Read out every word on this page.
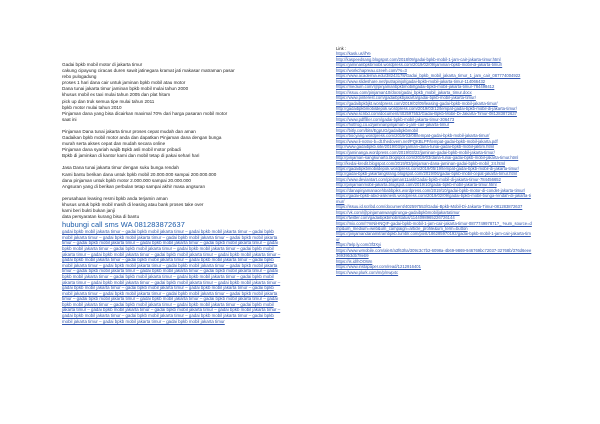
Gadai bpkb mobil motor di jakarta timur

cakung cipayung ciracas duren sawit jatinegara kramat jati makasar matraman pasar

rebo pulogadung

proses 1 hari dana cair untuk jaminan bpkb mobil atau motor

Dana tunai jakarta timur jaminan bpkb mobil mulai tahun 2000

khusus mobil ex taxi mulai tahun 2005 dan plat hitam

pick up dan truk semua tipe mulai tahun 2011

bpkb motor mulai tahun 2010

Pinjaman dana yang bisa dicairkan maximal 70% dari harga pasaran mobil motor

saat ini

Pinjaman Dana tunai jakarta timur proses cepat mudah dan aman

Gadaikan bpkb mobil motor anda dan dapatkan Pinjaman dana dengan bunga

murah serta akses cepat dan mudah secara online

Pinjaman dana syariah wajib Bpkb asli mobil motor pribadi

Bpkb di jaminkan di kantor kami dan mobil tetap di pakai sehari hari

Jasa Dana tunai jakarta timur dengan suku bunga rendah

Kami bantu berikan dana untuk bpkb mobil 20.000.000 sampai 200.000.000

dana pinjaman untuk bpkb motor 2.000.000 sampai 20.000.000

Angsuran yang di berikan perbulan tetap sampai akhir masa angsuran

perusahaan leasing resmi bpkb anda terjamin aman

khusus untuk bpkb mobil masih di leasing atau bank proses take over

kami beri bukti bukan janji

data persyaratan kurang bisa di bantu

hubungi call sms WA 081283872637

gadai bpkb mobil jakarta timur – gadai bpkb mobil jakarta timur – gadai bpkb mobil jakarta timur – gadai bpkb mobil jakarta timur – gadai bpkb mobil jakarta timur – gadai bpkb mobil jakarta timur – gadai bpkb mobil jakarta timur – gadai bpkb mobil jakarta timur – gadai bpkb mobil jakarta timur – gadai bpkb mobil jakarta timur – gadai bpkb mobil jakarta timur – gadai bpkb mobil jakarta timur – gadai bpkb mobil jakarta timur – gadai bpkb mobil jakarta timur – gadai bpkb mobil jakarta timur – gadai bpkb mobil jakarta timur – gadai bpkb mobil jakarta timur – gadai bpkb mobil jakarta timur – gadai bpkb mobil jakarta timur – gadai bpkb mobil jakarta timur – gadai bpkb mobil jakarta timur – gadai bpkb mobil jakarta timur – gadai bpkb mobil jakarta timur – gadai bpkb mobil jakarta timur – gadai bpkb mobil jakarta timur – gadai bpkb mobil jakarta timur – gadai bpkb mobil jakarta timur – gadai bpkb mobil jakarta timur – gadai bpkb mobil jakarta timur – gadai bpkb mobil jakarta timur – gadai bpkb mobil jakarta timur – gadai bpkb mobil jakarta timur – gadai bpkb mobil jakarta timur – gadai bpkb mobil jakarta timur – gadai bpkb mobil jakarta timur – gadai bpkb mobil jakarta timur – gadai bpkb mobil jakarta timur – gadai bpkb mobil jakarta timur – gadai bpkb mobil jakarta timur – gadai bpkb mobil jakarta timur – gadai bpkb mobil jakarta timur – gadai bpkb mobil jakarta timur – gadai bpkb mobil jakarta timur – gadai bpkb mobil jakarta timur – gadai bpkb mobil jakarta timur – gadai bpkb mobil jakarta timur – gadai bpkb mobil jakarta timur – gadai bpkb mobil jakarta timur – gadai bpkb mobil jakarta timur – gadai bpkb mobil jakarta timur – gadai bpkb mobil jakarta timur – gadai bpkb mobil jakarta timur – gadai bpkb mobil jakarta timur – gadai bpkb mobil jakarta timur – gadai bpkb mobil jakarta timur – gadai bpkb mobil jakarta timur – gadai bpkb mobil jakarta timur

Link :
https://kask.us/ifYe
http://kaspeedsang.blogspot.com/2018/09/gadai-bpkb-mobil-1-jam-cair-jakarta-timur.html
https://jaminanbpkbmobil.wordpress.com/2019/02/09/jaminan-bpkb-mobil-di-jakarta-timur/
https://workchapreau.ozeeh.com/?s=3
https://www.academia.edu/38243178/Gadai_bpkb_mobil_jakarta_timur_1_jam_cair_087774004922
https://www.slideshare.net/putrapinjol/gadai-bpkb-mobil-jakarta-timur-114066432
https://medium.com/@pinjamanbpkbmobil/gadai-bpkb-mobil-jakarta-timur-784498412
https://issuu.com/pinjaman10/docs/gadai_bpkb_mobil_jakarta_timur.docx
https://www.pinterest.com/gadaibpkbjakarta/gadai-bpkb-mobil-jakarta-timur/
https://gadaibpkbjkt.wordpress.com/2019/02/09/leasing-gadai-bpkb-mobil-jakarta-timur/
http://gadaibpkbmobildepok.wordpress.com/2019/03/12/tempat-gadai-bpkb-mobil-di-jakarta-timur/
https://www.scribd.com/document/402597553/Gadai-Bpkb-Mobil-Di-Jakarta-Timur-081283872637
https://www.pdffiller.com/gadai-bpkb-mobil-jakarta-timur-306473
https://hotfrog.co.id/jaminanpinjaman-1-jam-cair-jakarta-timur
https://bitly.com/bits/EgpUG/gadaibpkbmobil
https://bocyang.wordpress.com/2019/03/08/tempat-gadai-bpkb-mobil-jakarta-timur/
https://www.li-notno-b=dt.thedovern.net/PQKBLPF/tempat-gadai-bpkb-mobil-jakarta.pdf
http://www.gadaibpkb.site/2019/03/pinjaman-dana-tunai-gadai-bpkb-mobil-jaktim.html
https://jaminanga.wordpress.com/2019/03/22/jaminan-gadai-bpkb-mobil-jakarta-timur/
http://pinjaman-sangkunarto.blogspot.com/2019/03/dana-tunai-gadai-bpkb-mobil-jakarta-timur.html
http://kedai-kredit.blogspot.com/2019/03/pinjaman-dana-jaminan-gadai-bpkb-mobil_24.html
https://gadaibpkbmobildepok.wordpress.com/2019/05/19/tempat-gadai-bpkb-mobil-di-jakarta-timur/
http://gadai-bpkb-jakartangsrang.blogspot.com/2019/06/gadai-bpkb-mobil-cepat-jakarta-timur.html
https://www.deviantart.com/pinjaman11ask/Gadai-bpkb-mobil-di-jakarta-timur-784456652
http://pinjamanmobil-jakarta.blogspot.com/2019/10/gadai-bpkb-mobil-jakarta-timur.html
https://danapinjamanacehbabbpiks.wordpress.com/2019/10/gadai-bpkb-motor-di-condet-jakarta-timur/
https://gadai-bpkb-abid-asiknesti.wordpress.com/2019/02/09/gadai-bpkb-mobil-bunga-rendah-di-jakarta-timur/
https://issuu.id.scribd.com/document/402597553/Gadai-Bpkb-Mobil-Di-Jakarta-Timur-081283872637
https://vk.com/@pinjamanwangtirunga-gadaibpkbmobiljakartatimur
https://twitter.com/gadaibpkbmob/status/1144098965226726144
https://mix.com/!?mNiHNQIF-gadai-bpkb-mobil-1-jam-cair-jakarta-timur-087774997871?_ %um_source=dmp&um_medium=web&um_campaign=article_profile&um_term=button
https://pinjamandanamitrambpkb.tumblr.com/post/186285970192/gadai-bpkb-mobil-1-jam-cair-jakarta-timur
https://telp.ly.com/3f3Xyi
https://www.wmobile.com/alert/a3f63ha/309c3c7b2-6098a-4b69-9869-946769bc72037-32768b/376d6eee36939b3db78eb9
https://is.id/hOOWn
https://www.instapaper.com/read/1212916401
https://www.plurk.com/m/p/nwp4c
